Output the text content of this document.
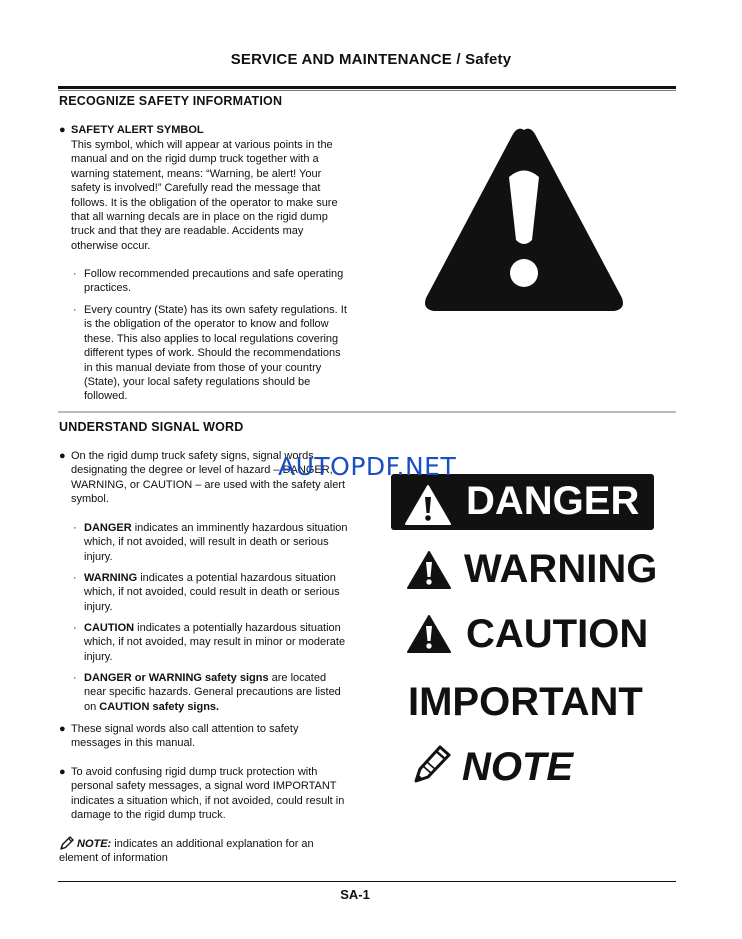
SERVICE AND MAINTENANCE / Safety
RECOGNIZE SAFETY INFORMATION
● SAFETY ALERT SYMBOL
This symbol, which will appear at various points in the
manual and on the rigid dump truck together with a
warning statement, means: “Warning, be alert! Your
safety is involved!” Carefully read the message that
follows. It is the obligation of the operator to make sure
that all warning decals are in place on the rigid dump
truck and that they are readable. Accidents may
otherwise occur.
· Follow recommended precautions and safe operating
practices.
· Every country (State) has its own safety regulations. It
is the obligation of the operator to know and follow
these. This also applies to local regulations covering
different types of work. Should the recommendations
in this manual deviate from those of your country
(State), your local safety regulations should be
followed.
UNDERSTAND SIGNAL WORD
● On the rigid dump truck safety signs, signal words
designating the degree or level of hazard – DANGER,
WARNING, or CAUTION – are used with the safety alert
symbol.
· DANGER indicates an imminently hazardous situation
which, if not avoided, will result in death or serious
injury.
· WARNING indicates a potential hazardous situation
which, if not avoided, could result in death or serious
injury.
· CAUTION indicates a potentially hazardous situation
which, if not avoided, may result in minor or moderate
injury.
· DANGER or WARNING safety signs are located
near specific hazards. General precautions are listed
on CAUTION safety signs.
● These signal words also call attention to safety
messages in this manual.
● To avoid confusing rigid dump truck protection with
personal safety messages, a signal word IMPORTANT
indicates a situation which, if not avoided, could result in
damage to the rigid dump truck.
NOTE: indicates an additional explanation for an
element of information
DANGER
WARNING
CAUTION
IMPORTANT
NOTE
AUTOPDF.NET
SA-1
